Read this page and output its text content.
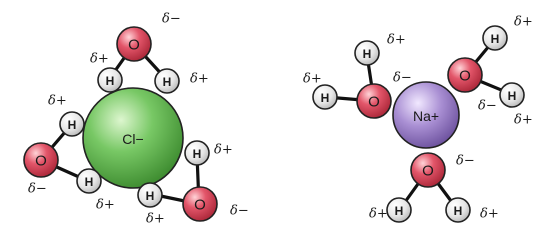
Cl−
O
H	H
O
H
H
O
H
H
δ−
δ+
δ+
δ+
δ−
δ+
δ+
δ+
δ−
Na+
O
H
H
O
H
H
O
H	H
δ+
δ+	δ−
δ+
δ−
δ+
δ−
δ+	δ+
